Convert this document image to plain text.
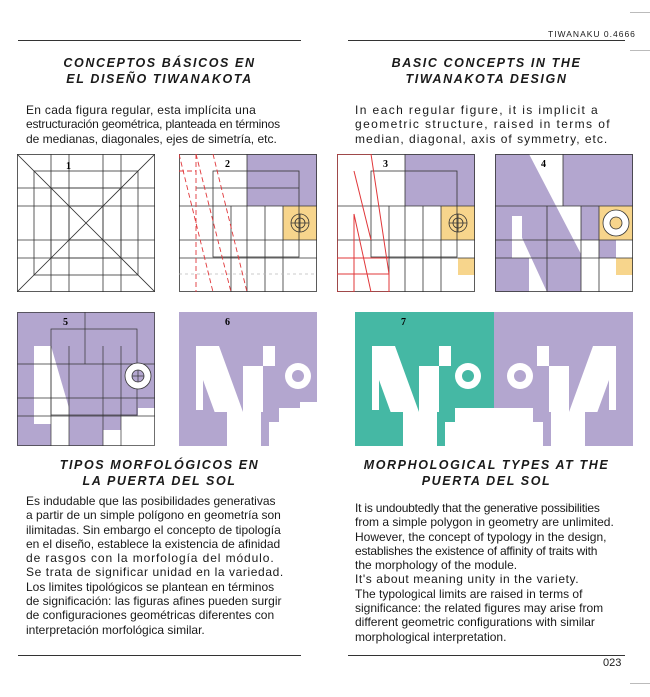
TIWANAKU 0.4666
CONCEPTOS BÁSICOS EN
EL DISEÑO TIWANAKOTA
En cada figura regular, esta implícita una
estructuración geométrica, planteada en términos
de medianas, diagonales, ejes de simetría, etc.
BASIC CONCEPTS IN THE
TIWANAKOTA DESIGN
In each regular figure, it is implicit a
geometric structure, raised in terms of
median, diagonal, axis of symmetry, etc.
1	2	3	4
5	6	7
TIPOS MORFOLÓGICOS EN
LA PUERTA DEL SOL
Es indudable que las posibilidades generativas
a partir de un simple polígono en geometría son
ilimitadas. Sin embargo el concepto de tipología
en el diseño, establece la existencia de afinidad
de rasgos con la morfología del módulo.
Se trata de significar unidad en la variedad.
Los limites tipológicos se plantean en términos
de significación: las figuras afines pueden surgir
de configuraciones geométricas diferentes con
interpretación morfológica similar.
MORPHOLOGICAL TYPES AT THE
PUERTA DEL SOL
It is undoubtedly that the generative possibilities
from a simple polygon in geometry are unlimited.
However, the concept of typology in the design,
establishes the existence of affinity of traits with
the morphology of the module.
It's about meaning unity in the variety.
The typological limits are raised in terms of
significance: the related figures may arise from
different geometric configurations with similar
morphological interpretation.
023
